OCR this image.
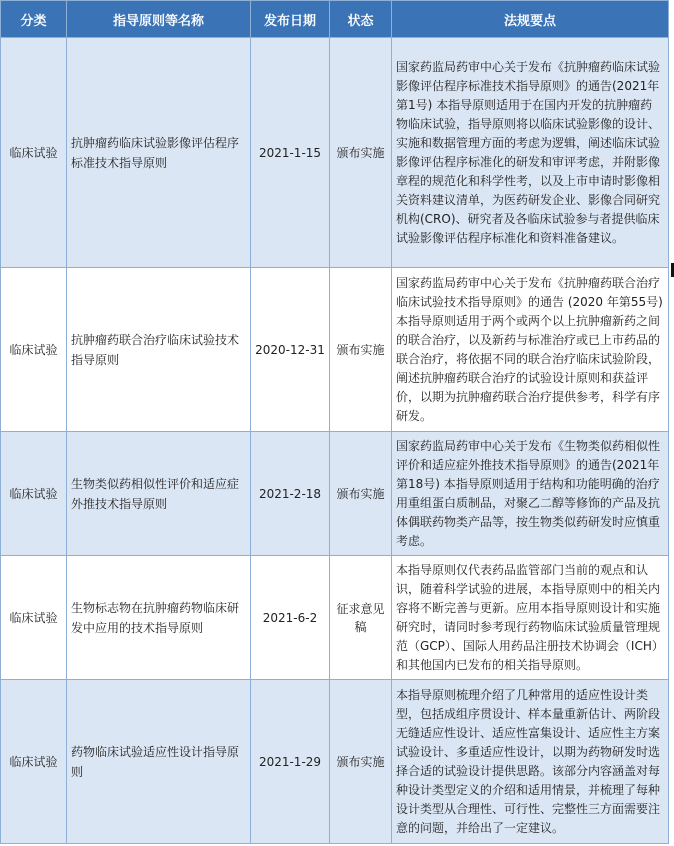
分类	指导原则等名称	发布日期	状态	法规要点
临床试验	抗肿瘤药临床试验影像评估程序标准技术指导原则	2021-1-15	颁布实施	国家药监局药审中心关于发布《抗肿瘤药临床试验影像评估程序标准技术指导原则》的通告(2021年第1号) 本指导原则适用于在国内开发的抗肿瘤药物临床试验，指导原则将以临床试验影像的设计、实施和数据管理方面的考虑为逻辑，阐述临床试验影像评估程序标准化的研发和审评考虑，并附影像章程的规范化和科学性考，以及上市申请时影像相关资料建议清单，为医药研发企业、影像合同研究机构(CRO)、研究者及各临床试验参与者提供临床试验影像评估程序标准化和资料准备建议。
临床试验	抗肿瘤药联合治疗临床试验技术指导原则	2020-12-31	颁布实施	国家药监局药审中心关于发布《抗肿瘤药联合治疗临床试验技术指导原则》的通告 (2020 年第55号) 本指导原则适用于两个或两个以上抗肿瘤新药之间的联合治疗，以及新药与标准治疗或已上市药品的联合治疗，将依据不同的联合治疗临床试验阶段，阐述抗肿瘤药联合治疗的试验设计原则和获益评价，以期为抗肿瘤药联合治疗提供参考，科学有序研发。
临床试验	生物类似药相似性评价和适应症外推技术指导原则	2021-2-18	颁布实施	国家药监局药审中心关于发布《生物类似药相似性评价和适应症外推技术指导原则》的通告(2021年第18号) 本指导原则适用于结构和功能明确的治疗用重组蛋白质制品，对聚乙二醇等修饰的产品及抗体偶联药物类产品等，按生物类似药研发时应慎重考虑。
临床试验	生物标志物在抗肿瘤药物临床研发中应用的技术指导原则	2021-6-2	征求意见稿	本指导原则仅代表药品监管部门当前的观点和认识，随着科学试验的进展，本指导原则中的相关内容将不断完善与更新。应用本指导原则设计和实施研究时，请同时参考现行药物临床试验质量管理规范（GCP）、国际人用药品注册技术协调会（ICH）和其他国内已发布的相关指导原则。
临床试验	药物临床试验适应性设计指导原则	2021-1-29	颁布实施	本指导原则梳理介绍了几种常用的适应性设计类型，包括成组序贯设计、样本量重新估计、两阶段无缝适应性设计、适应性富集设计、适应性主方案试验设计、多重适应性设计，以期为药物研发时选择合适的试验设计提供思路。该部分内容涵盖对每种设计类型定义的介绍和适用情景，并梳理了每种设计类型从合理性、可行性、完整性三方面需要注意的问题，并给出了一定建议。
